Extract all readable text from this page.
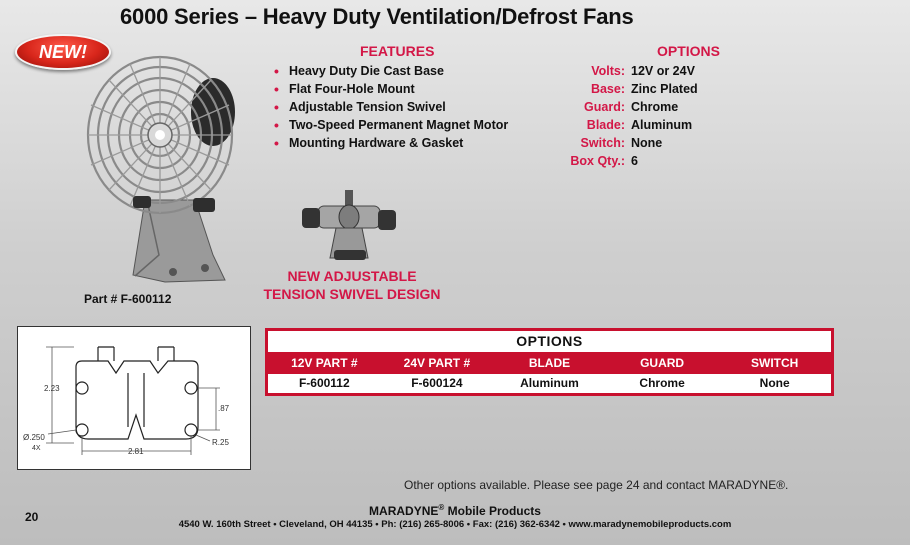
6000 Series – Heavy Duty Ventilation/Defrost Fans
NEW!
Part # F-600112
FEATURES
• Heavy Duty Die Cast Base
• Flat Four-Hole Mount
• Adjustable Tension Swivel
• Two-Speed Permanent Magnet Motor
• Mounting Hardware & Gasket
OPTIONS
Volts: 12V or 24V
Base: Zinc Plated
Guard: Chrome
Blade: Aluminum
Switch: None
Box Qty.: 6
NEW ADJUSTABLE
TENSION SWIVEL DESIGN
2.23
Ø.250
4X	2.81
.87
R.25
OPTIONS
12V PART #	24V PART #	BLADE	GUARD	SWITCH
F-600112	F-600124	Aluminum	Chrome	None
Other options available. Please see page 24 and contact MARADYNE®.
MARADYNE® Mobile Products
4540 W. 160th Street • Cleveland, OH 44135 • Ph: (216) 265-8006 • Fax: (216) 362-6342 • www.maradynemobileproducts.com
20
